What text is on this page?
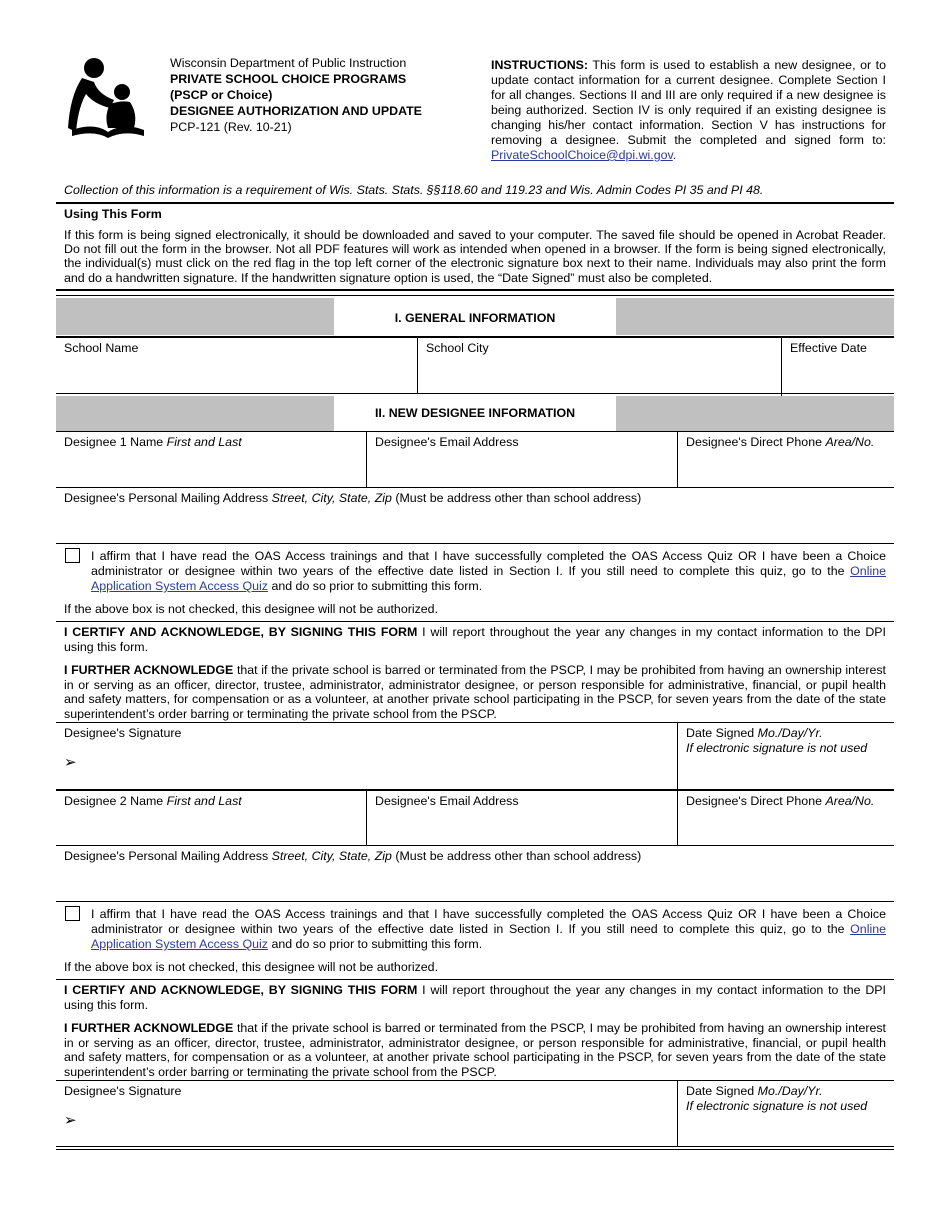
Wisconsin Department of Public Instruction
PRIVATE SCHOOL CHOICE PROGRAMS
(PSCP or Choice)
DESIGNEE AUTHORIZATION AND UPDATE
PCP-121 (Rev. 10-21)
INSTRUCTIONS: This form is used to establish a new designee, or to update contact information for a current designee. Complete Section I for all changes. Sections II and III are only required if a new designee is being authorized. Section IV is only required if an existing designee is changing his/her contact information. Section V has instructions for removing a designee. Submit the completed and signed form to: PrivateSchoolChoice@dpi.wi.gov.
Collection of this information is a requirement of Wis. Stats. Stats. §§118.60 and 119.23 and Wis. Admin Codes PI 35 and PI 48.
Using This Form
If this form is being signed electronically, it should be downloaded and saved to your computer. The saved file should be opened in Acrobat Reader. Do not fill out the form in the browser. Not all PDF features will work as intended when opened in a browser. If the form is being signed electronically, the individual(s) must click on the red flag in the top left corner of the electronic signature box next to their name. Individuals may also print the form and do a handwritten signature. If the handwritten signature option is used, the “Date Signed” must also be completed.
I. GENERAL INFORMATION
School Name	School City	Effective Date
II. NEW DESIGNEE INFORMATION
Designee 1 Name First and Last	Designee's Email Address	Designee's Direct Phone Area/No.
Designee's Personal Mailing Address Street, City, State, Zip (Must be address other than school address)
I affirm that I have read the OAS Access trainings and that I have successfully completed the OAS Access Quiz OR I have been a Choice administrator or designee within two years of the effective date listed in Section I. If you still need to complete this quiz, go to the Online Application System Access Quiz and do so prior to submitting this form.
If the above box is not checked, this designee will not be authorized.
I CERTIFY AND ACKNOWLEDGE, BY SIGNING THIS FORM I will report throughout the year any changes in my contact information to the DPI using this form.
I FURTHER ACKNOWLEDGE that if the private school is barred or terminated from the PSCP, I may be prohibited from having an ownership interest in or serving as an officer, director, trustee, administrator, administrator designee, or person responsible for administrative, financial, or pupil health and safety matters, for compensation or as a volunteer, at another private school participating in the PSCP, for seven years from the date of the state superintendent’s order barring or terminating the private school from the PSCP.
Designee's Signature
➢
Date Signed Mo./Day/Yr.
If electronic signature is not used
Designee 2 Name First and Last	Designee's Email Address	Designee's Direct Phone Area/No.
Designee's Personal Mailing Address Street, City, State, Zip (Must be address other than school address)
I affirm that I have read the OAS Access trainings and that I have successfully completed the OAS Access Quiz OR I have been a Choice administrator or designee within two years of the effective date listed in Section I. If you still need to complete this quiz, go to the Online Application System Access Quiz and do so prior to submitting this form.
If the above box is not checked, this designee will not be authorized.
I CERTIFY AND ACKNOWLEDGE, BY SIGNING THIS FORM I will report throughout the year any changes in my contact information to the DPI using this form.
I FURTHER ACKNOWLEDGE that if the private school is barred or terminated from the PSCP, I may be prohibited from having an ownership interest in or serving as an officer, director, trustee, administrator, administrator designee, or person responsible for administrative, financial, or pupil health and safety matters, for compensation or as a volunteer, at another private school participating in the PSCP, for seven years from the date of the state superintendent’s order barring or terminating the private school from the PSCP.
Designee's Signature
➢
Date Signed Mo./Day/Yr.
If electronic signature is not used
